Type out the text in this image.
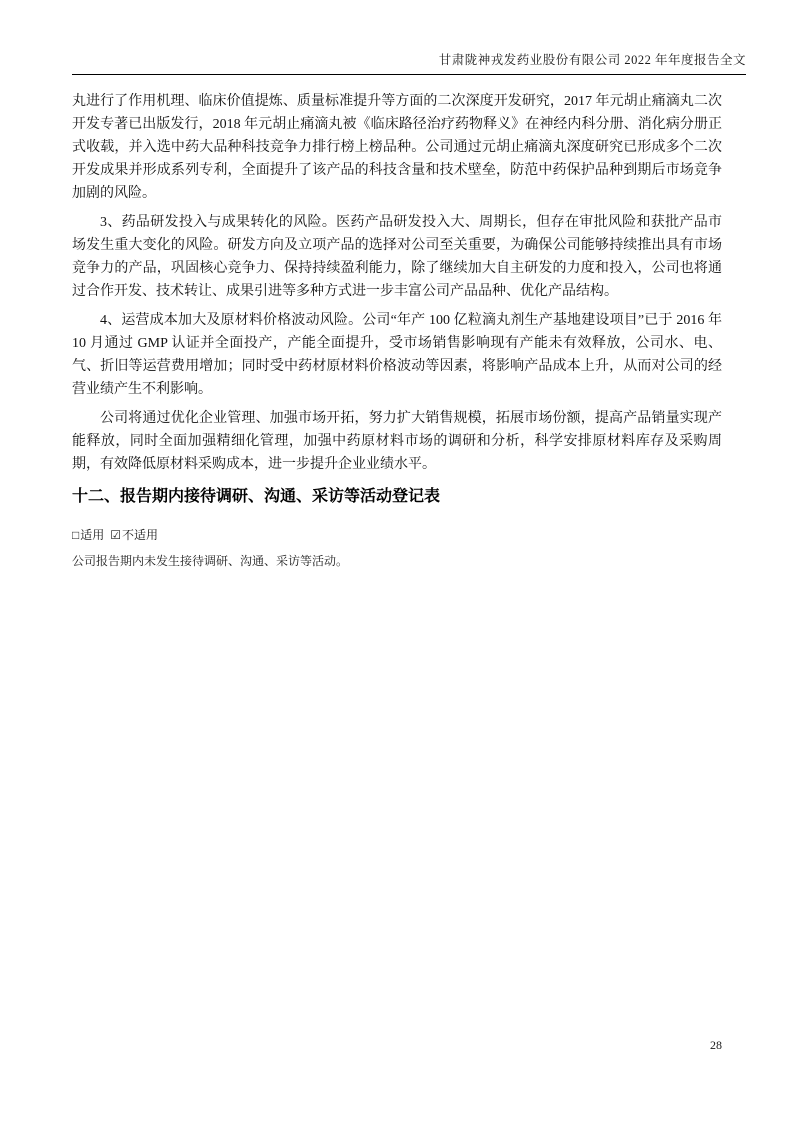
甘肃陇神戎发药业股份有限公司 2022 年年度报告全文

丸进行了作用机理、临床价值提炼、质量标准提升等方面的二次深度开发研究，2017 年元胡止痛滴丸二次开发专著已出版发行，2018 年元胡止痛滴丸被《临床路径治疗药物释义》在神经内科分册、消化病分册正式收载，并入选中药大品种科技竞争力排行榜上榜品种。公司通过元胡止痛滴丸深度研究已形成多个二次开发成果并形成系列专利，全面提升了该产品的科技含量和技术壁垒，防范中药保护品种到期后市场竞争加剧的风险。

3、药品研发投入与成果转化的风险。医药产品研发投入大、周期长，但存在审批风险和获批产品市场发生重大变化的风险。研发方向及立项产品的选择对公司至关重要，为确保公司能够持续推出具有市场竞争力的产品，巩固核心竞争力、保持持续盈利能力，除了继续加大自主研发的力度和投入，公司也将通过合作开发、技术转让、成果引进等多种方式进一步丰富公司产品品种、优化产品结构。

4、运营成本加大及原材料价格波动风险。公司“年产 100 亿粒滴丸剂生产基地建设项目”已于 2016 年 10 月通过 GMP 认证并全面投产，产能全面提升，受市场销售影响现有产能未有效释放，公司水、电、气、折旧等运营费用增加；同时受中药材原材料价格波动等因素，将影响产品成本上升，从而对公司的经营业绩产生不利影响。

公司将通过优化企业管理、加强市场开拓，努力扩大销售规模，拓展市场份额，提高产品销量实现产能释放，同时全面加强精细化管理，加强中药原材料市场的调研和分析，科学安排原材料库存及采购周期，有效降低原材料采购成本，进一步提升企业业绩水平。

十二、报告期内接待调研、沟通、采访等活动登记表
□适用 ☑不适用

公司报告期内未发生接待调研、沟通、采访等活动。

28
